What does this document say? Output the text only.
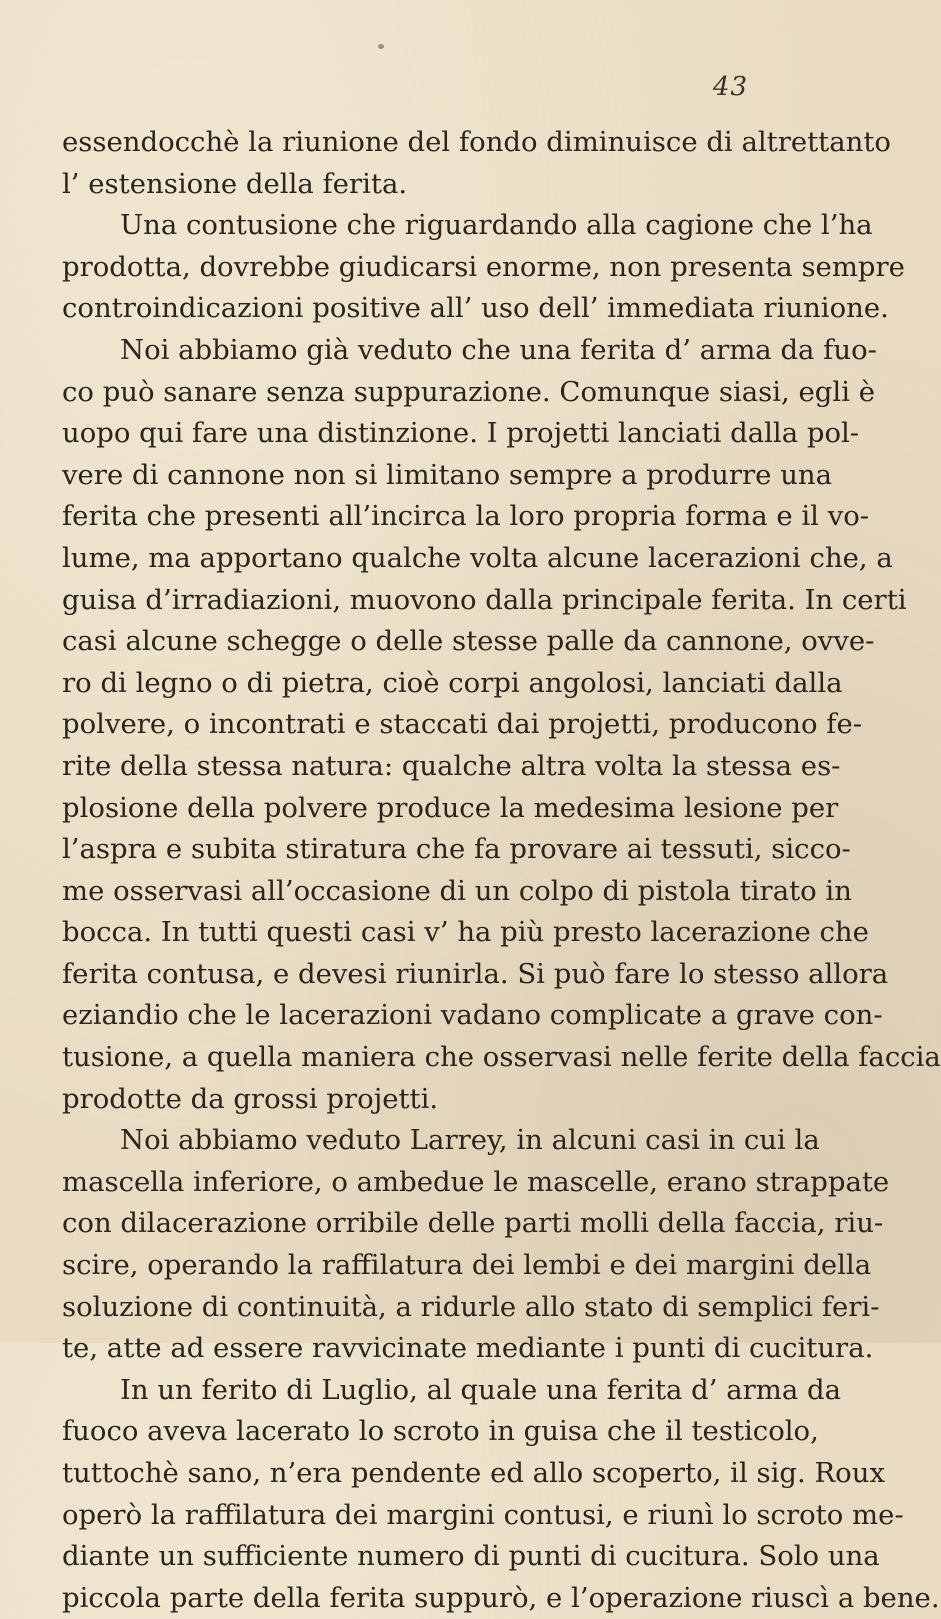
43
essendocchè la riunione del fondo diminuisce di altrettanto
l’ estensione della ferita.
Una contusione che riguardando alla cagione che l’ha
prodotta, dovrebbe giudicarsi enorme, non presenta sempre
controindicazioni positive all’ uso dell’ immediata riunione.
Noi abbiamo già veduto che una ferita d’ arma da fuo-
co può sanare senza suppurazione. Comunque siasi, egli è
uopo qui fare una distinzione. I projetti lanciati dalla pol-
vere di cannone non si limitano sempre a produrre una
ferita che presenti all’incirca la loro propria forma e il vo-
lume, ma apportano qualche volta alcune lacerazioni che, a
guisa d’irradiazioni, muovono dalla principale ferita. In certi
casi alcune schegge o delle stesse palle da cannone, ovve-
ro di legno o di pietra, cioè corpi angolosi, lanciati dalla
polvere, o incontrati e staccati dai projetti, producono fe-
rite della stessa natura: qualche altra volta la stessa es-
plosione della polvere produce la medesima lesione per
l’aspra e subita stiratura che fa provare ai tessuti, sicco-
me osservasi all’occasione di un colpo di pistola tirato in
bocca. In tutti questi casi v’ ha più presto lacerazione che
ferita contusa, e devesi riunirla. Si può fare lo stesso allora
eziandio che le lacerazioni vadano complicate a grave con-
tusione, a quella maniera che osservasi nelle ferite della faccia
prodotte da grossi projetti.
Noi abbiamo veduto Larrey, in alcuni casi in cui la
mascella inferiore, o ambedue le mascelle, erano strappate
con dilacerazione orribile delle parti molli della faccia, riu-
scire, operando la raffilatura dei lembi e dei margini della
soluzione di continuità, a ridurle allo stato di semplici feri-
te, atte ad essere ravvicinate mediante i punti di cucitura.
In un ferito di Luglio, al quale una ferita d’ arma da
fuoco aveva lacerato lo scroto in guisa che il testicolo,
tuttochè sano, n’era pendente ed allo scoperto, il sig. Roux
operò la raffilatura dei margini contusi, e riunì lo scroto me-
diante un sufficiente numero di punti di cucitura. Solo una
piccola parte della ferita suppurò, e l’operazione riuscì a bene.
